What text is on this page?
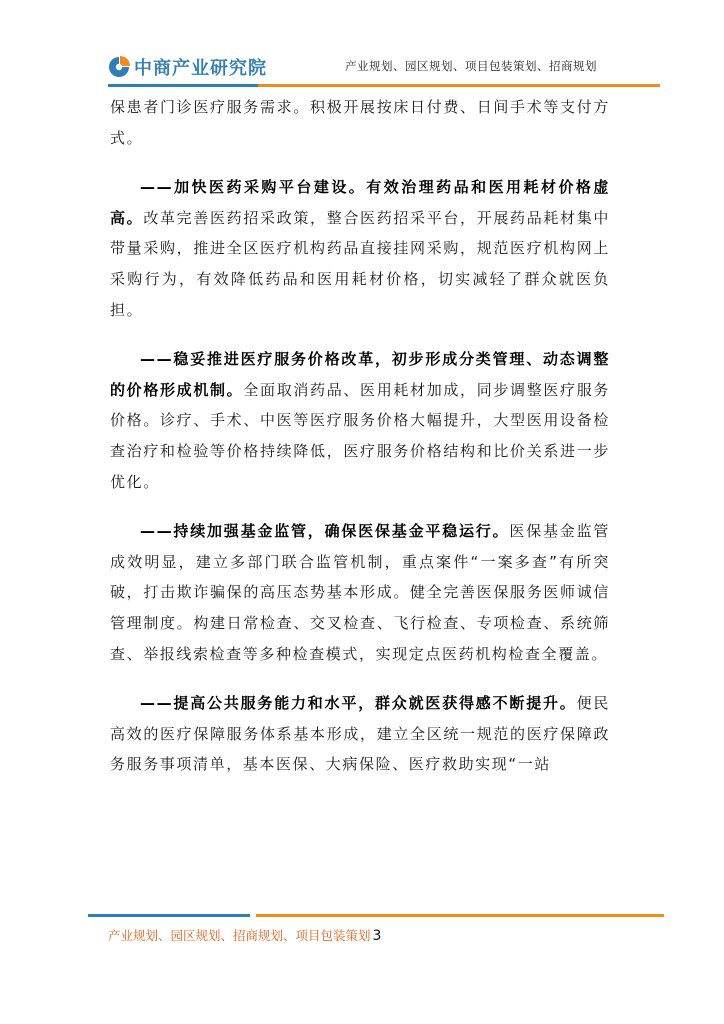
中商产业研究院	产业规划、园区规划、项目包装策划、招商规划

保患者门诊医疗服务需求。积极开展按床日付费、日间手术等支付方式。

——加快医药采购平台建设。有效治理药品和医用耗材价格虚高。改革完善医药招采政策，整合医药招采平台，开展药品耗材集中带量采购，推进全区医疗机构药品直接挂网采购，规范医疗机构网上采购行为，有效降低药品和医用耗材价格，切实减轻了群众就医负担。

——稳妥推进医疗服务价格改革，初步形成分类管理、动态调整的价格形成机制。全面取消药品、医用耗材加成，同步调整医疗服务价格。诊疗、手术、中医等医疗服务价格大幅提升，大型医用设备检查治疗和检验等价格持续降低，医疗服务价格结构和比价关系进一步优化。

——持续加强基金监管，确保医保基金平稳运行。医保基金监管成效明显，建立多部门联合监管机制，重点案件“一案多查”有所突破，打击欺诈骗保的高压态势基本形成。健全完善医保服务医师诚信管理制度。构建日常检查、交叉检查、飞行检查、专项检查、系统筛查、举报线索检查等多种检查模式，实现定点医药机构检查全覆盖。

——提高公共服务能力和水平，群众就医获得感不断提升。便民高效的医疗保障服务体系基本形成，建立全区统一规范的医疗保障政务服务事项清单，基本医保、大病保险、医疗救助实现“一站

产业规划、园区规划、招商规划、项目包装策划 3
